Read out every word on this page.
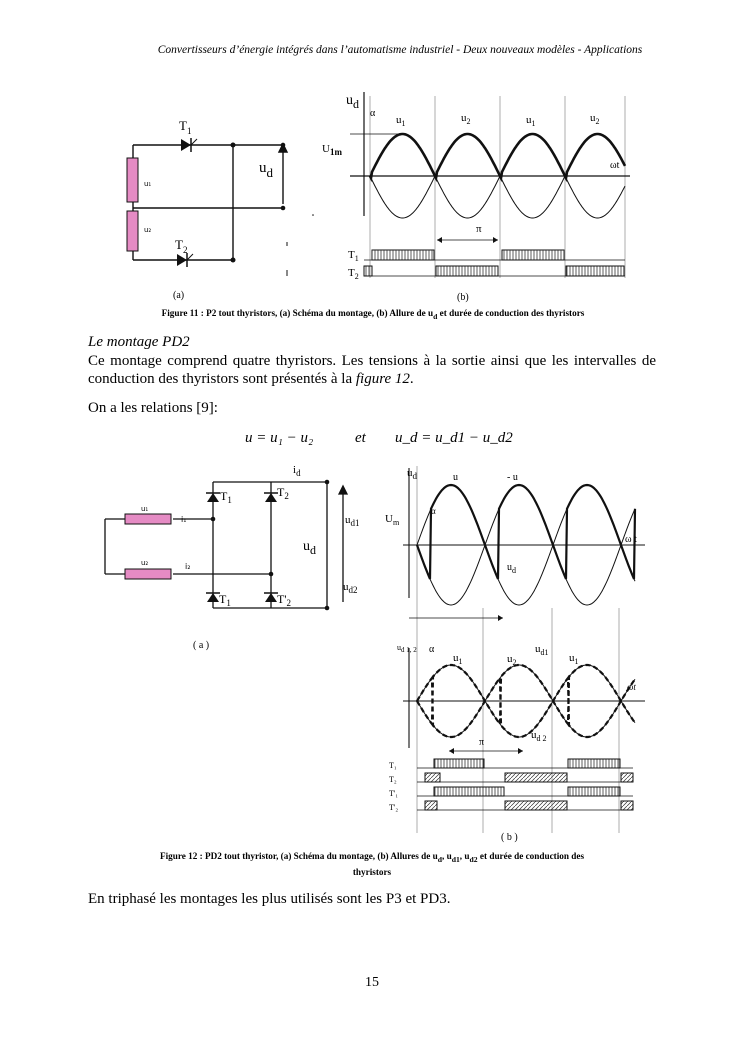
Convertisseurs d’énergie intégrés dans l’automatisme industriel - Deux nouveaux modèles - Applications
$T_1$
$T_2$
u₁
u₂
ud
(a)
ud
α
$u_1$	$u_2$	$u_1$	$u_2$
$U_{1m}$
ωt
π
$T_1$
$T_2$
(b)
Figure 11 : P2 tout thyristors, (a) Schéma du montage, (b) Allure de $u_d$ et durée de conduction des thyristors
Le montage PD2
Ce montage comprend quatre thyristors. Les tensions à la sortie ainsi que les intervalles de conduction des thyristors sont présentés à la figure 12.
On a les relations [9]:
u = u₁ − u₂	et u_d = u_d1 − u_d2
$i_d$
$T_1$
$T_2$
$T_1$	$T'_2$
u₁
u₂
i₁
i₂
ud
$u_{d1}$
$u_{d2}$
( a )
$u_d$	u	- u
$U_m$
α
ω t
$u_d$
ud 1, 2 α
$u_1$	$u_2$
$u_{d1}$ $u_1$
ωt
π
$u_{d 2}$
T₁
T₂
T'₁
T'₂
( b )
Figure 12 : PD2 tout thyristor, (a) Schéma du montage, (b) Allures de $u_d$, $u_{d1}$, $u_{d2}$ et durée de conduction des
thyristors
En triphasé les montages les plus utilisés sont les P3 et PD3.
15
